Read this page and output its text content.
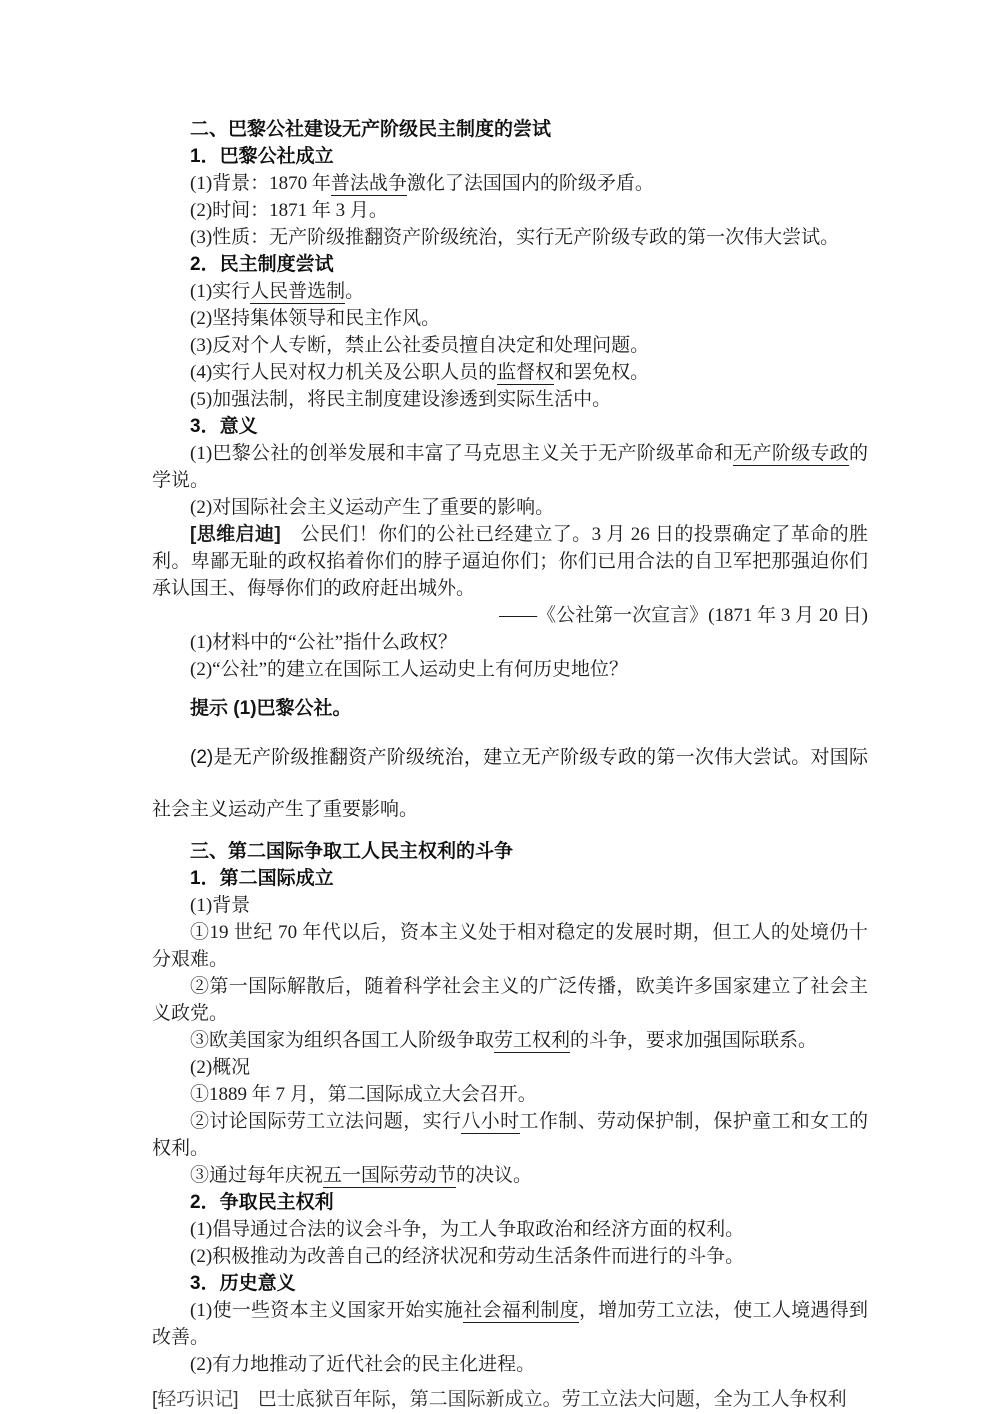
二、巴黎公社建设无产阶级民主制度的尝试

1．巴黎公社成立

(1)背景：1870 年普法战争激化了法国国内的阶级矛盾。

(2)时间：1871 年 3 月。

(3)性质：无产阶级推翻资产阶级统治，实行无产阶级专政的第一次伟大尝试。

2．民主制度尝试

(1)实行人民普选制。

(2)坚持集体领导和民主作风。

(3)反对个人专断，禁止公社委员擅自决定和处理问题。

(4)实行人民对权力机关及公职人员的监督权和罢免权。

(5)加强法制，将民主制度建设渗透到实际生活中。

3．意义

(1)巴黎公社的创举发展和丰富了马克思主义关于无产阶级革命和无产阶级专政的学说。

(2)对国际社会主义运动产生了重要的影响。

[思维启迪]　公民们！你们的公社已经建立了。3 月 26 日的投票确定了革命的胜利。卑鄙无耻的政权掐着你们的脖子逼迫你们；你们已用合法的自卫军把那强迫你们承认国王、侮辱你们的政府赶出城外。

——《公社第一次宣言》(1871 年 3 月 20 日)

(1)材料中的“公社”指什么政权？

(2)“公社”的建立在国际工人运动史上有何历史地位？

提示 (1)巴黎公社。

(2)是无产阶级推翻资产阶级统治，建立无产阶级专政的第一次伟大尝试。对国际社会主义运动产生了重要影响。

三、第二国际争取工人民主权利的斗争

1．第二国际成立

(1)背景

①19 世纪 70 年代以后，资本主义处于相对稳定的发展时期，但工人的处境仍十分艰难。

②第一国际解散后，随着科学社会主义的广泛传播，欧美许多国家建立了社会主义政党。

③欧美国家为组织各国工人阶级争取劳工权利的斗争，要求加强国际联系。

(2)概况

①1889 年 7 月，第二国际成立大会召开。

②讨论国际劳工立法问题，实行八小时工作制、劳动保护制，保护童工和女工的权利。

③通过每年庆祝五一国际劳动节的决议。

2．争取民主权利

(1)倡导通过合法的议会斗争，为工人争取政治和经济方面的权利。

(2)积极推动为改善自己的经济状况和劳动生活条件而进行的斗争。

3．历史意义

(1)使一些资本主义国家开始实施社会福利制度，增加劳工立法，使工人境遇得到改善。

(2)有力地推动了近代社会的民主化进程。

[轻巧识记]　巴士底狱百年际，第二国际新成立。劳工立法大问题，全为工人争权利
